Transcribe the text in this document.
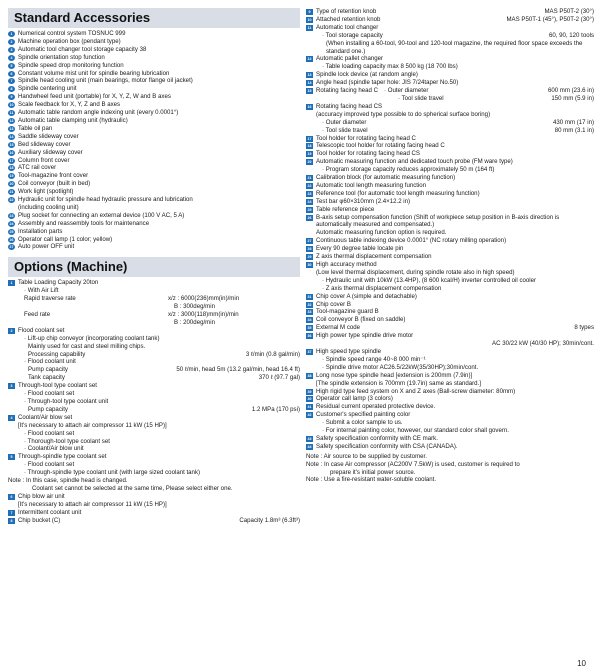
Standard Accessories
1 Numerical control system TOSNUC 999
2 Machine operation box (pendant type)
3 Automatic tool changer tool storage capacity 38
4 Spindle orientation stop function
5 Spindle speed drop monitoring function
6 Constant volume mist unit for spindle bearing lubrication
7 Spindle head cooling unit (main bearings, motor flange oil jacket)
8 Spindle centering unit
9 Handwheel feed unit (portable) for X, Y, Z, W and B axes
10 Scale feedback for X, Y, Z and B axes
11 Automatic table random angle indexing unit (every 0.0001°)
12 Automatic table clamping unit (hydraulic)
13 Table oil pan
14 Saddle slideway cover
15 Bed slideway cover
16 Auxiliary slideway cover
17 Column front cover
18 ATC rail cover
19 Tool-magazine front cover
20 Coil conveyor (built in bed)
21 Work light (spotlight)
22 Hydraulic unit for spindle head hydraulic pressure and lubrication
(including cooling unit)
23 Plug socket for connecting an external device (100 V AC, 5 A)
24 Assembly and reassembly tools for maintenance
25 Installation parts
26 Operator call lamp (1 color; yellow)
27 Auto power OFF unit
Options (Machine)
1 Table Loading Capacity 20ton
· With Air Lift
Rapid traverse rate	x/z : 6000(236)mm(in)/min
B : 300deg/min
Feed rate	x/z : 3000(118)mm(in)/min
B : 200deg/min
2 Flood coolant set
· Lift-up chip conveyor (incorporating coolant tank)
Mainly used for cast and steel milling chips.
Processing capability	3 ℓ/min (0.8 gal/min)
· Flood coolant unit
Pump capacity	50 ℓ/min, head 5m (13.2 gal/min, head 16.4 ft)
Tank capacity	370 ℓ (97.7 gal)
3 Through-tool type coolant set
· Flood coolant set
· Through-tool type coolant unit
Pump capacity	1.2 MPa (170 psi)
4 Coolant/Air blow set
[It's necessary to attach air compressor 11 kW (15 HP)]
· Flood coolant set
· Thorough-tool type coolant set
· Coolant/Air blow unit
5 Through-spindle type coolant set
· Flood coolant set
· Through-spindle type coolant unit (with large sized coolant tank)
Note : In this case, spindle head is changed.
Coolant set cannot be selected at the same time, Please select either one.
6 Chip blow air unit
[It's necessary to attach air compressor 11 kW (15 HP)]
7 Intermittent coolant unit
8 Chip bucket (C)	Capacity 1.8m³ (6.3ft³)
9 Type of retention knob	MAS P50T-2 (30°)
10 Attached retention knob	MAS P50T-1 (45°), P50T-2 (30°)
11 Automatic tool changer
· Tool storage capacity	60, 90, 120 tools
(When installing a 60-tool, 90-tool and 120-tool magazine, the required floor space exceeds the standard one.)
12 Automatic pallet changer
· Table loading capacity max 8 500 kg (18 700 lbs)
13 Spindle lock device (at random angle)
14 Angle head (spindle taper hole: JIS 7/24taper No.50)
15 Rotating facing head C · Outer diameter	600 mm (23.6 in)
· Tool slide travel	150 mm (5.9 in)
16 Rotating facing head CS
(accuracy improved type possible to do spherical surface boring)
· Outer diameter	430 mm (17 in)
· Tool slide travel	80 mm (3.1 in)
17 Tool holder for rotating facing head C
18 Telescopic tool holder for rotating facing head C
19 Tool holder for rotating facing head CS
20 Automatic measuring function and dedicated touch probe (FM ware type)
· Program storage capacity reduces approximately 50 m (164 ft)
21 Calibration block (for automatic measuring function)
22 Automatic tool length measuring function
23 Reference tool (for automatic tool length measuring function)
24 Test bar φ60×310mm (2.4×12.2 in)
25 Table reference piece
26 B-axis setup compensation function (Shift of workpiece setup position in B-axis direction is automatically measured and compensated.)
Automatic measuring function option is required.
27 Continuous table indexing device 0.0001° (NC rotary milling operation)
28 Every 90 degree table locate pin
29 Z axis thermal displacement compensation
30 High accuracy method
(Low level thermal displacement, during spindle rotate also in high speed)
· Hydraulic unit with 10kW (13.4HP), (8 600 kcal/H) inverter controlled oil cooler
· Z axis thermal displacement compensation
31 Chip cover A (simple and detachable)
32 Chip cover B
33 Tool-magazine guard B
34 Coil conveyor B (fixed on saddle)
35 External M code	8 types
36 High power type spindle drive motor
AC 30/22 kW (40/30 HP); 30min/cont.
37 High speed type spindle
· Spindle speed range 40~8 000 min⁻¹
· Spindle drive motor AC26.5/22kW(35/30HP);30min/cont.
38 Long nose type spindle head [extension is 200mm (7.9in)]
[The spindle extension is 700mm (19.7in) same as standard.]
39 High rigid type feed system on X and Z axes (Ball-screw diameter: 80mm)
40 Operator call lamp (3 colors)
41 Residual current operated protective device.
42 Customer's specified painting color
· Submit a color sample to us.
· For internal painting color, however, our standard color shall govern.
43 Safety specification conformity with CE mark.
44 Safety specification conformity with CSA (CANADA).
Note : Air source to be supplied by customer.
Note : In case Air compressor (AC200V 7.5kW) is used, customer is required to
prepare it's initial power source.
Note : Use a fire-resistant water-soluble coolant.
10
